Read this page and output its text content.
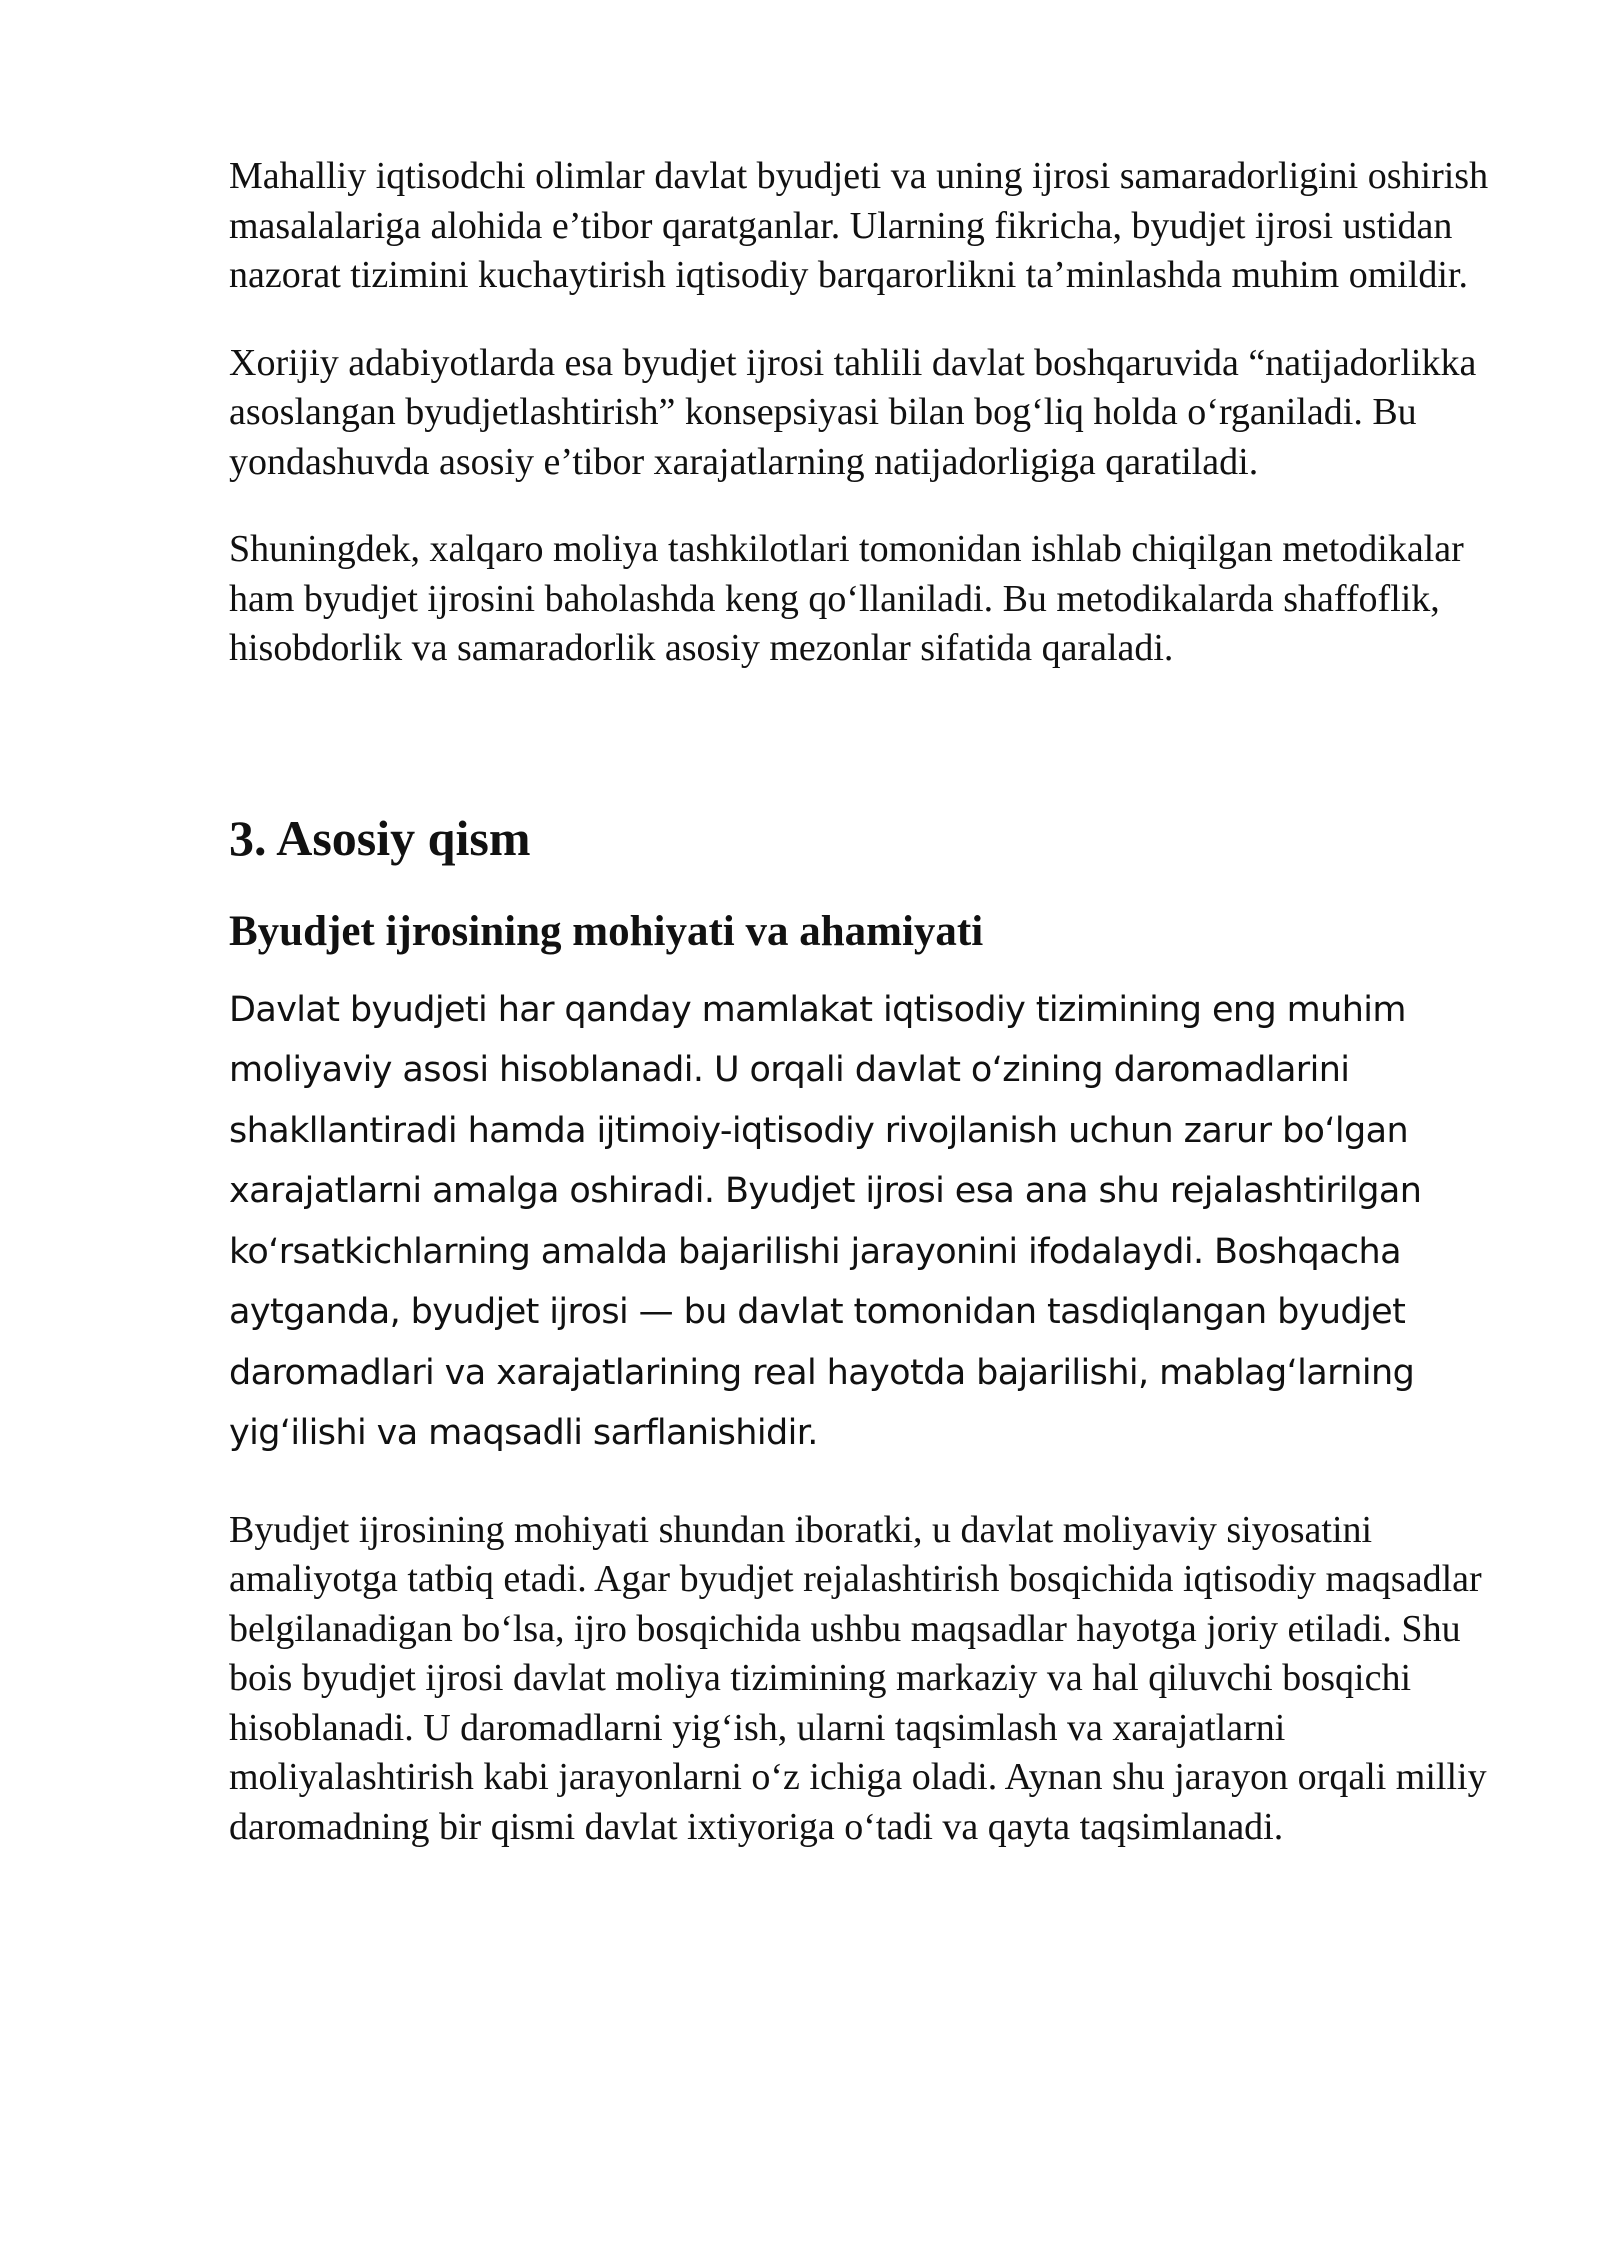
Mahalliy iqtisodchi olimlar davlat byudjeti va uning ijrosi samaradorligini oshirish masalalariga alohida e’tibor qaratganlar. Ularning fikricha, byudjet ijrosi ustidan nazorat tizimini kuchaytirish iqtisodiy barqarorlikni ta’minlashda muhim omildir.

Xorijiy adabiyotlarda esa byudjet ijrosi tahlili davlat boshqaruvida “natijadorlikka asoslangan byudjetlashtirish” konsepsiyasi bilan bog‘liq holda o‘rganiladi. Bu yondashuvda asosiy e’tibor xarajatlarning natijadorligiga qaratiladi.

Shuningdek, xalqaro moliya tashkilotlari tomonidan ishlab chiqilgan metodikalar ham byudjet ijrosini baholashda keng qo‘llaniladi. Bu metodikalarda shaffoflik, hisobdorlik va samaradorlik asosiy mezonlar sifatida qaraladi.

3. Asosiy qism
Byudjet ijrosining mohiyati va ahamiyati

Davlat byudjeti har qanday mamlakat iqtisodiy tizimining eng muhim moliyaviy asosi hisoblanadi. U orqali davlat o‘zining daromadlarini shakllantiradi hamda ijtimoiy-iqtisodiy rivojlanish uchun zarur bo‘lgan xarajatlarni amalga oshiradi. Byudjet ijrosi esa ana shu rejalashtirilgan ko‘rsatkichlarning amalda bajarilishi jarayonini ifodalaydi. Boshqacha aytganda, byudjet ijrosi — bu davlat tomonidan tasdiqlangan byudjet daromadlari va xarajatlarining real hayotda bajarilishi, mablag‘larning yig‘ilishi va maqsadli sarflanishidir.

Byudjet ijrosining mohiyati shundan iboratki, u davlat moliyaviy siyosatini amaliyotga tatbiq etadi. Agar byudjet rejalashtirish bosqichida iqtisodiy maqsadlar belgilanadigan bo‘lsa, ijro bosqichida ushbu maqsadlar hayotga joriy etiladi. Shu bois byudjet ijrosi davlat moliya tizimining markaziy va hal qiluvchi bosqichi hisoblanadi. U daromadlarni yig‘ish, ularni taqsimlash va xarajatlarni moliyalashtirish kabi jarayonlarni o‘z ichiga oladi. Aynan shu jarayon orqali milliy daromadning bir qismi davlat ixtiyoriga o‘tadi va qayta taqsimlanadi.
